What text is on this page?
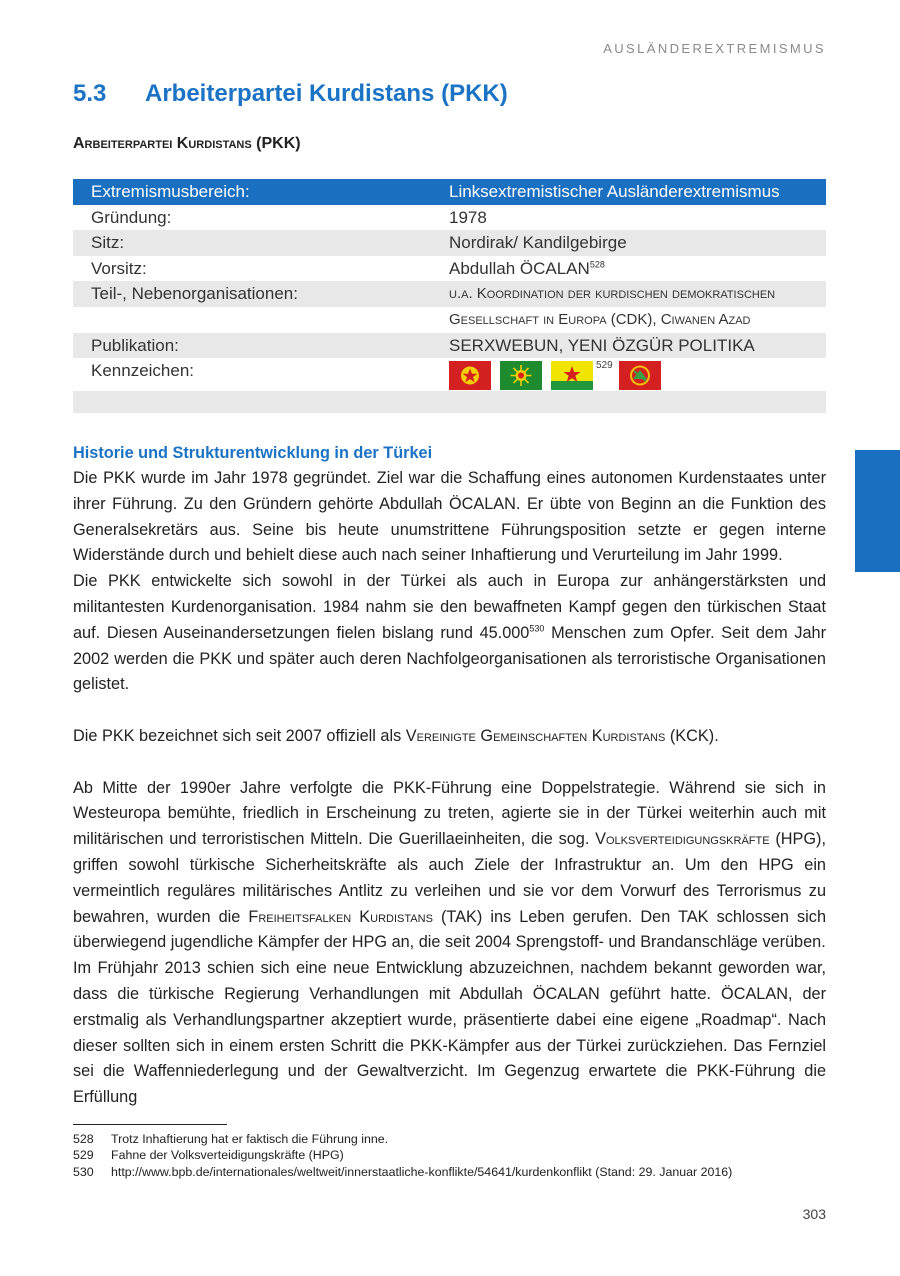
AUSLÄNDEREXTREMISMUS
5.3 Arbeiterpartei Kurdistans (PKK)
Arbeiterpartei Kurdistans (PKK)
Extremismusbereich:	Linksextremistischer Ausländerextremismus
Gründung:	1978
Sitz:	Nordirak/ Kandilgebirge
Vorsitz:	Abdullah ÖCALAN$^{528}$
Teil-, Nebenorganisationen:	u.a. Koordination der kurdischen demokratischen
Gesellschaft in Europa (CDK), Ciwanen Azad
Publikation:	SERXWEBUN, YENI ÖZGÜR POLITIKA
Kennzeichen:	$^{529}$
Historie und Strukturentwicklung in der Türkei

Die PKK wurde im Jahr 1978 gegründet. Ziel war die Schaffung eines autonomen Kurdenstaates unter ihrer Führung. Zu den Gründern gehörte Abdullah ÖCALAN. Er übte von Beginn an die Funktion des Generalsekretärs aus. Seine bis heute unumstrittene Führungsposition setzte er gegen interne Widerstände durch und behielt diese auch nach seiner Inhaftierung und Verurteilung im Jahr 1999.

Die PKK entwickelte sich sowohl in der Türkei als auch in Europa zur anhängerstärksten und militantesten Kurdenorganisation. 1984 nahm sie den bewaffneten Kampf gegen den türkischen Staat auf. Diesen Auseinandersetzungen fielen bislang rund 45.000$^{530}$ Menschen zum Opfer. Seit dem Jahr 2002 werden die PKK und später auch deren Nachfolgeorganisationen als terroristische Organisationen gelistet.

Die PKK bezeichnet sich seit 2007 offiziell als Vereinigte Gemeinschaften Kurdistans (KCK).

Ab Mitte der 1990er Jahre verfolgte die PKK-Führung eine Doppelstrategie. Während sie sich in Westeuropa bemühte, friedlich in Erscheinung zu treten, agierte sie in der Türkei weiterhin auch mit militärischen und terroristischen Mitteln. Die Guerillaeinheiten, die sog. Volksverteidigungskräfte (HPG), griffen sowohl türkische Sicherheitskräfte als auch Ziele der Infrastruktur an. Um den HPG ein vermeintlich reguläres militärisches Antlitz zu verleihen und sie vor dem Vorwurf des Terrorismus zu bewahren, wurden die Freiheitsfalken Kurdistans (TAK) ins Leben gerufen. Den TAK schlossen sich überwiegend jugendliche Kämpfer der HPG an, die seit 2004 Sprengstoff- und Brandanschläge verüben.

Im Frühjahr 2013 schien sich eine neue Entwicklung abzuzeichnen, nachdem bekannt geworden war, dass die türkische Regierung Verhandlungen mit Abdullah ÖCALAN geführt hatte. ÖCALAN, der erstmalig als Verhandlungspartner akzeptiert wurde, präsentierte dabei eine eigene „Roadmap“. Nach dieser sollten sich in einem ersten Schritt die PKK-Kämpfer aus der Türkei zurückziehen. Das Fernziel sei die Waffenniederlegung und der Gewaltverzicht. Im Gegenzug erwartete die PKK-Führung die Erfüllung

528	Trotz Inhaftierung hat er faktisch die Führung inne.
529	Fahne der Volksverteidigungskräfte (HPG)
530	http://www.bpb.de/internationales/weltweit/innerstaatliche-konflikte/54641/kurdenkonflikt (Stand: 29. Januar 2016)
303
